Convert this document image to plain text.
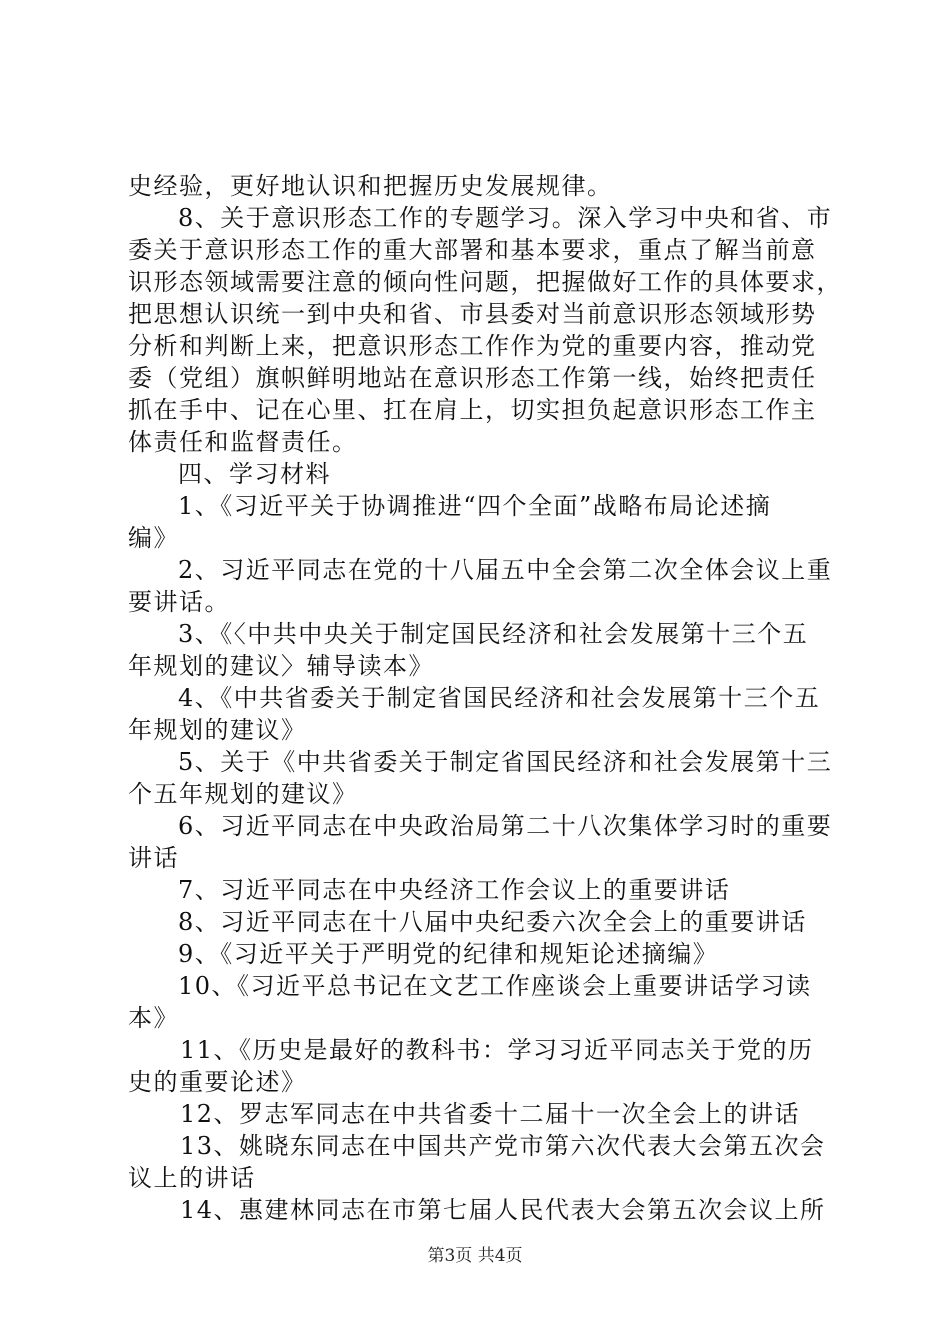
史经验，更好地认识和把握历史发展规律。
8、关于意识形态工作的专题学习。深入学习中央和省、市
委关于意识形态工作的重大部署和基本要求，重点了解当前意
识形态领域需要注意的倾向性问题，把握做好工作的具体要求，
把思想认识统一到中央和省、市县委对当前意识形态领域形势
分析和判断上来，把意识形态工作作为党的重要内容，推动党
委（党组）旗帜鲜明地站在意识形态工作第一线，始终把责任
抓在手中、记在心里、扛在肩上，切实担负起意识形态工作主
体责任和监督责任。
四、学习材料
1、《习近平关于协调推进“四个全面”战略布局论述摘
编》
2、习近平同志在党的十八届五中全会第二次全体会议上重
要讲话。
3、《〈中共中央关于制定国民经济和社会发展第十三个五
年规划的建议〉辅导读本》
4、《中共省委关于制定省国民经济和社会发展第十三个五
年规划的建议》
5、关于《中共省委关于制定省国民经济和社会发展第十三
个五年规划的建议》
6、习近平同志在中央政治局第二十八次集体学习时的重要
讲话
7、习近平同志在中央经济工作会议上的重要讲话
8、习近平同志在十八届中央纪委六次全会上的重要讲话
9、《习近平关于严明党的纪律和规矩论述摘编》
10、《习近平总书记在文艺工作座谈会上重要讲话学习读
本》
11、《历史是最好的教科书：学习习近平同志关于党的历
史的重要论述》
12、罗志军同志在中共省委十二届十一次全会上的讲话
13、姚晓东同志在中国共产党市第六次代表大会第五次会
议上的讲话
14、惠建林同志在市第七届人民代表大会第五次会议上所
第3页 共4页
